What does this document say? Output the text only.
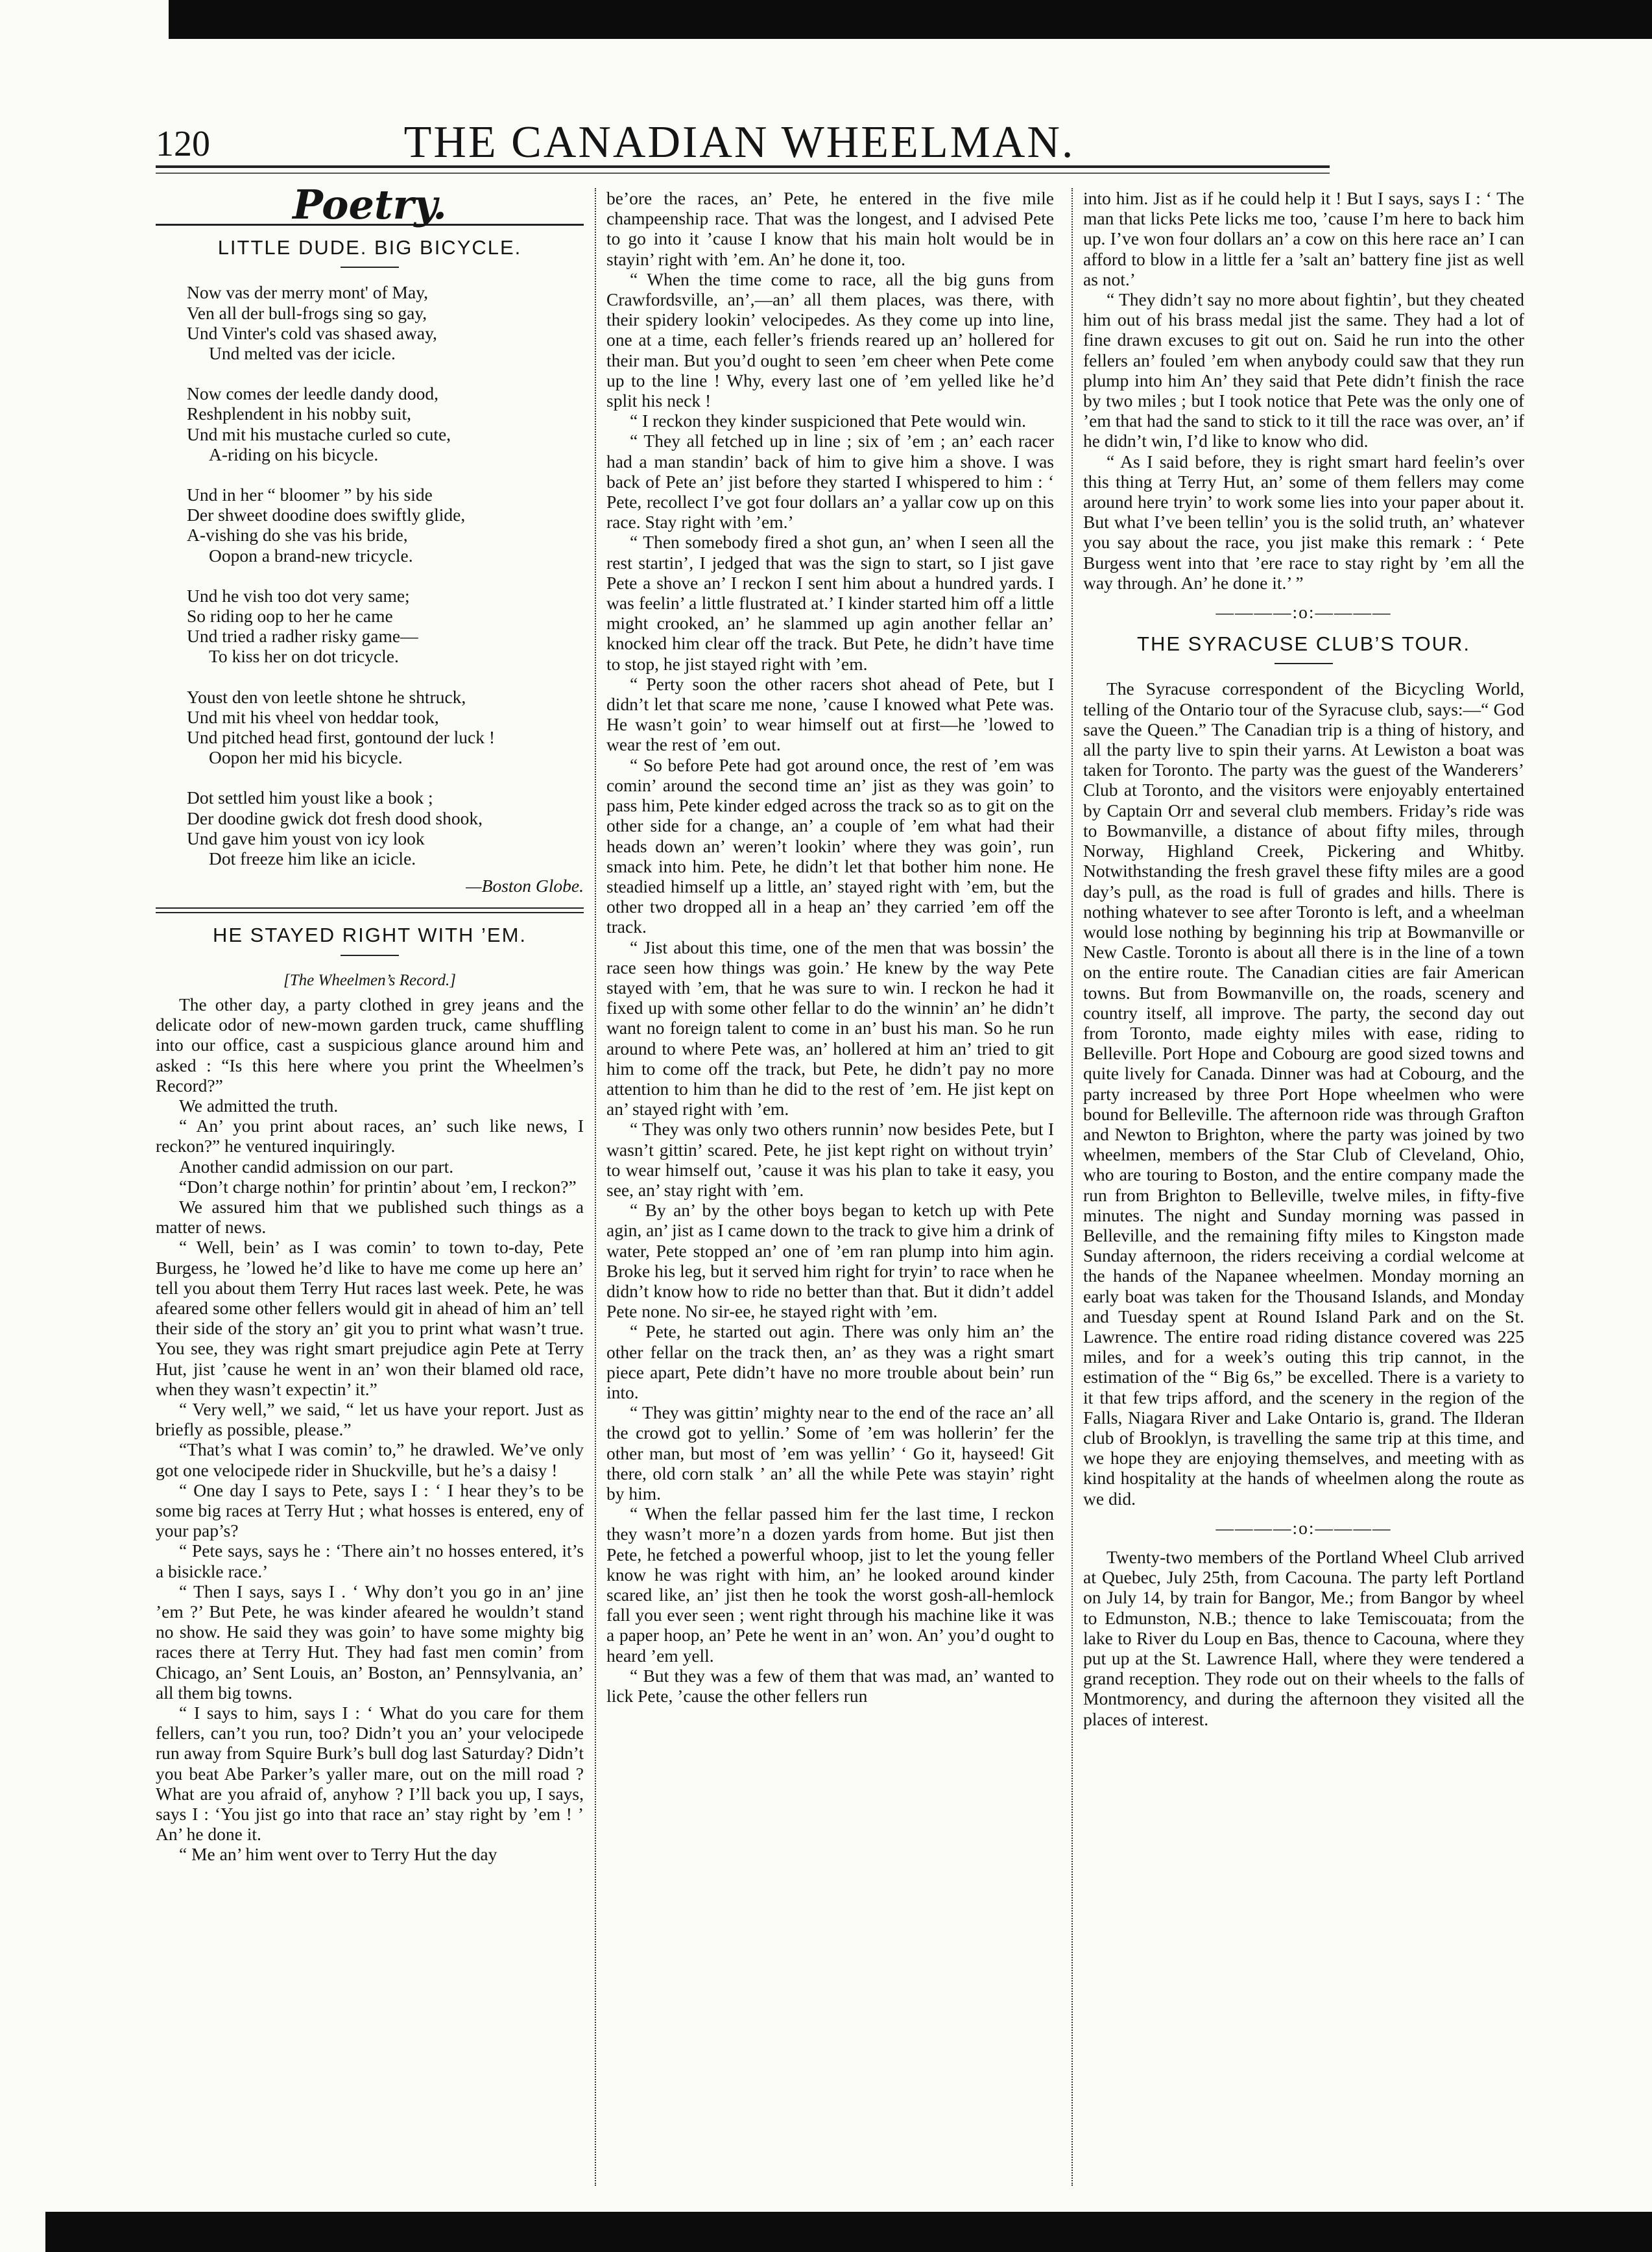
120	THE CANADIAN WHEELMAN.
Poetry.
LITTLE DUDE. BIG BICYCLE.
Now vas der merry mont' of May,
Ven all der bull-frogs sing so gay,
Und Vinter's cold vas shased away,
Und melted vas der icicle.
Now comes der leedle dandy dood,
Reshplendent in his nobby suit,
Und mit his mustache curled so cute,
A-riding on his bicycle.
Und in her “ bloomer ” by his side
Der shweet doodine does swiftly glide,
A-vishing do she vas his bride,
Oopon a brand-new tricycle.
Und he vish too dot very same;
So riding oop to her he came
Und tried a radher risky game—
To kiss her on dot tricycle.
Youst den von leetle shtone he shtruck,
Und mit his vheel von heddar took,
Und pitched head first, gontound der luck !
Oopon her mid his bicycle.
Dot settled him youst like a book ;
Der doodine gwick dot fresh dood shook,
Und gave him youst von icy look
Dot freeze him like an icicle.
—Boston Globe.
HE STAYED RIGHT WITH ’EM.
[The Wheelmen’s Record.]

The other day, a party clothed in grey jeans and the delicate odor of new-mown garden truck, came shuffling into our office, cast a suspicious glance around him and asked : “Is this here where you print the Wheelmen’s Record?”

We admitted the truth.

“ An’ you print about races, an’ such like news, I reckon?” he ventured inquiringly.

Another candid admission on our part.

“Don’t charge nothin’ for printin’ about ’em, I reckon?”

We assured him that we published such things as a matter of news.

“ Well, bein’ as I was comin’ to town to-day, Pete Burgess, he ’lowed he’d like to have me come up here an’ tell you about them Terry Hut races last week. Pete, he was afeared some other fellers would git in ahead of him an’ tell their side of the story an’ git you to print what wasn’t true. You see, they was right smart prejudice agin Pete at Terry Hut, jist ’cause he went in an’ won their blamed old race, when they wasn’t expectin’ it.”

“ Very well,” we said, “ let us have your report. Just as briefly as possible, please.”

“That’s what I was comin’ to,” he drawled. We’ve only got one velocipede rider in Shuckville, but he’s a daisy !

“ One day I says to Pete, says I : ‘ I hear they’s to be some big races at Terry Hut ; what hosses is entered, eny of your pap’s?

“ Pete says, says he : ‘There ain’t no hosses entered, it’s a bisickle race.’

“ Then I says, says I . ‘ Why don’t you go in an’ jine ’em ?’ But Pete, he was kinder afeared he wouldn’t stand no show. He said they was goin’ to have some mighty big races there at Terry Hut. They had fast men comin’ from Chicago, an’ Sent Louis, an’ Boston, an’ Pennsylvania, an’ all them big towns.

“ I says to him, says I : ‘ What do you care for them fellers, can’t you run, too? Didn’t you an’ your velocipede run away from Squire Burk’s bull dog last Saturday? Didn’t you beat Abe Parker’s yaller mare, out on the mill road ? What are you afraid of, anyhow ? I’ll back you up, I says, says I : ‘You jist go into that race an’ stay right by ’em ! ’ An’ he done it.

“ Me an’ him went over to Terry Hut the day

be’ore the races, an’ Pete, he entered in the five mile champeenship race. That was the longest, and I advised Pete to go into it ’cause I know that his main holt would be in stayin’ right with ’em. An’ he done it, too.

“ When the time come to race, all the big guns from Crawfordsville, an’,—an’ all them places, was there, with their spidery lookin’ velocipedes. As they come up into line, one at a time, each feller’s friends reared up an’ hollered for their man. But you’d ought to seen ’em cheer when Pete come up to the line ! Why, every last one of ’em yelled like he’d split his neck !

“ I reckon they kinder suspicioned that Pete would win.

“ They all fetched up in line ; six of ’em ; an’ each racer had a man standin’ back of him to give him a shove. I was back of Pete an’ jist before they started I whispered to him : ‘ Pete, recollect I’ve got four dollars an’ a yallar cow up on this race. Stay right with ’em.’

“ Then somebody fired a shot gun, an’ when I seen all the rest startin’, I jedged that was the sign to start, so I jist gave Pete a shove an’ I reckon I sent him about a hundred yards. I was feelin’ a little flustrated at.’ I kinder started him off a little might crooked, an’ he slammed up agin another fellar an’ knocked him clear off the track. But Pete, he didn’t have time to stop, he jist stayed right with ’em.

“ Perty soon the other racers shot ahead of Pete, but I didn’t let that scare me none, ’cause I knowed what Pete was. He wasn’t goin’ to wear himself out at first—he ’lowed to wear the rest of ’em out.

“ So before Pete had got around once, the rest of ’em was comin’ around the second time an’ jist as they was goin’ to pass him, Pete kinder edged across the track so as to git on the other side for a change, an’ a couple of ’em what had their heads down an’ weren’t lookin’ where they was goin’, run smack into him. Pete, he didn’t let that bother him none. He steadied himself up a little, an’ stayed right with ’em, but the other two dropped all in a heap an’ they carried ’em off the track.

“ Jist about this time, one of the men that was bossin’ the race seen how things was goin.’ He knew by the way Pete stayed with ’em, that he was sure to win. I reckon he had it fixed up with some other fellar to do the winnin’ an’ he didn’t want no foreign talent to come in an’ bust his man. So he run around to where Pete was, an’ hollered at him an’ tried to git him to come off the track, but Pete, he didn’t pay no more attention to him than he did to the rest of ’em. He jist kept on an’ stayed right with ’em.

“ They was only two others runnin’ now besides Pete, but I wasn’t gittin’ scared. Pete, he jist kept right on without tryin’ to wear himself out, ’cause it was his plan to take it easy, you see, an’ stay right with ’em.

“ By an’ by the other boys began to ketch up with Pete agin, an’ jist as I came down to the track to give him a drink of water, Pete stopped an’ one of ’em ran plump into him agin. Broke his leg, but it served him right for tryin’ to race when he didn’t know how to ride no better than that. But it didn’t addel Pete none. No sir-ee, he stayed right with ’em.

“ Pete, he started out agin. There was only him an’ the other fellar on the track then, an’ as they was a right smart piece apart, Pete didn’t have no more trouble about bein’ run into.

“ They was gittin’ mighty near to the end of the race an’ all the crowd got to yellin.’ Some of ’em was hollerin’ fer the other man, but most of ’em was yellin’ ‘ Go it, hayseed! Git there, old corn stalk ’ an’ all the while Pete was stayin’ right by him.

“ When the fellar passed him fer the last time, I reckon they wasn’t more’n a dozen yards from home. But jist then Pete, he fetched a powerful whoop, jist to let the young feller know he was right with him, an’ he looked around kinder scared like, an’ jist then he took the worst gosh-all-hemlock fall you ever seen ; went right through his machine like it was a paper hoop, an’ Pete he went in an’ won. An’ you’d ought to heard ’em yell.

“ But they was a few of them that was mad, an’ wanted to lick Pete, ’cause the other fellers run

into him. Jist as if he could help it ! But I says, says I : ‘ The man that licks Pete licks me too, ’cause I’m here to back him up. I’ve won four dollars an’ a cow on this here race an’ I can afford to blow in a little fer a ’salt an’ battery fine jist as well as not.’

“ They didn’t say no more about fightin’, but they cheated him out of his brass medal jist the same. They had a lot of fine drawn excuses to git out on. Said he run into the other fellers an’ fouled ’em when anybody could saw that they run plump into him An’ they said that Pete didn’t finish the race by two miles ; but I took notice that Pete was the only one of ’em that had the sand to stick to it till the race was over, an’ if he didn’t win, I’d like to know who did.

“ As I said before, they is right smart hard feelin’s over this thing at Terry Hut, an’ some of them fellers may come around here tryin’ to work some lies into your paper about it. But what I’ve been tellin’ you is the solid truth, an’ whatever you say about the race, you jist make this remark : ‘ Pete Burgess went into that ’ere race to stay right by ’em all the way through. An’ he done it.’ ”

————:o:————
THE SYRACUSE CLUB’S TOUR.

The Syracuse correspondent of the Bicycling World, telling of the Ontario tour of the Syracuse club, says:—“ God save the Queen.” The Canadian trip is a thing of history, and all the party live to spin their yarns. At Lewiston a boat was taken for Toronto. The party was the guest of the Wanderers’ Club at Toronto, and the visitors were enjoyably entertained by Captain Orr and several club members. Friday’s ride was to Bowmanville, a distance of about fifty miles, through Norway, Highland Creek, Pickering and Whitby. Notwithstanding the fresh gravel these fifty miles are a good day’s pull, as the road is full of grades and hills. There is nothing whatever to see after Toronto is left, and a wheelman would lose nothing by beginning his trip at Bowmanville or New Castle. Toronto is about all there is in the line of a town on the entire route. The Canadian cities are fair American towns. But from Bowmanville on, the roads, scenery and country itself, all improve. The party, the second day out from Toronto, made eighty miles with ease, riding to Belleville. Port Hope and Cobourg are good sized towns and quite lively for Canada. Dinner was had at Cobourg, and the party increased by three Port Hope wheelmen who were bound for Belleville. The afternoon ride was through Grafton and Newton to Brighton, where the party was joined by two wheelmen, members of the Star Club of Cleveland, Ohio, who are touring to Boston, and the entire company made the run from Brighton to Belleville, twelve miles, in fifty-five minutes. The night and Sunday morning was passed in Belleville, and the remaining fifty miles to Kingston made Sunday afternoon, the riders receiving a cordial welcome at the hands of the Napanee wheelmen. Monday morning an early boat was taken for the Thousand Islands, and Monday and Tuesday spent at Round Island Park and on the St. Lawrence. The entire road riding distance covered was 225 miles, and for a week’s outing this trip cannot, in the estimation of the “ Big 6s,” be excelled. There is a variety to it that few trips afford, and the scenery in the region of the Falls, Niagara River and Lake Ontario is, grand. The Ilderan club of Brooklyn, is travelling the same trip at this time, and we hope they are enjoying themselves, and meeting with as kind hospitality at the hands of wheelmen along the route as we did.

————:o:————

Twenty-two members of the Portland Wheel Club arrived at Quebec, July 25th, from Cacouna. The party left Portland on July 14, by train for Bangor, Me.; from Bangor by wheel to Edmunston, N.B.; thence to lake Temiscouata; from the lake to River du Loup en Bas, thence to Cacouna, where they put up at the St. Lawrence Hall, where they were tendered a grand reception. They rode out on their wheels to the falls of Montmorency, and during the afternoon they visited all the places of interest.
